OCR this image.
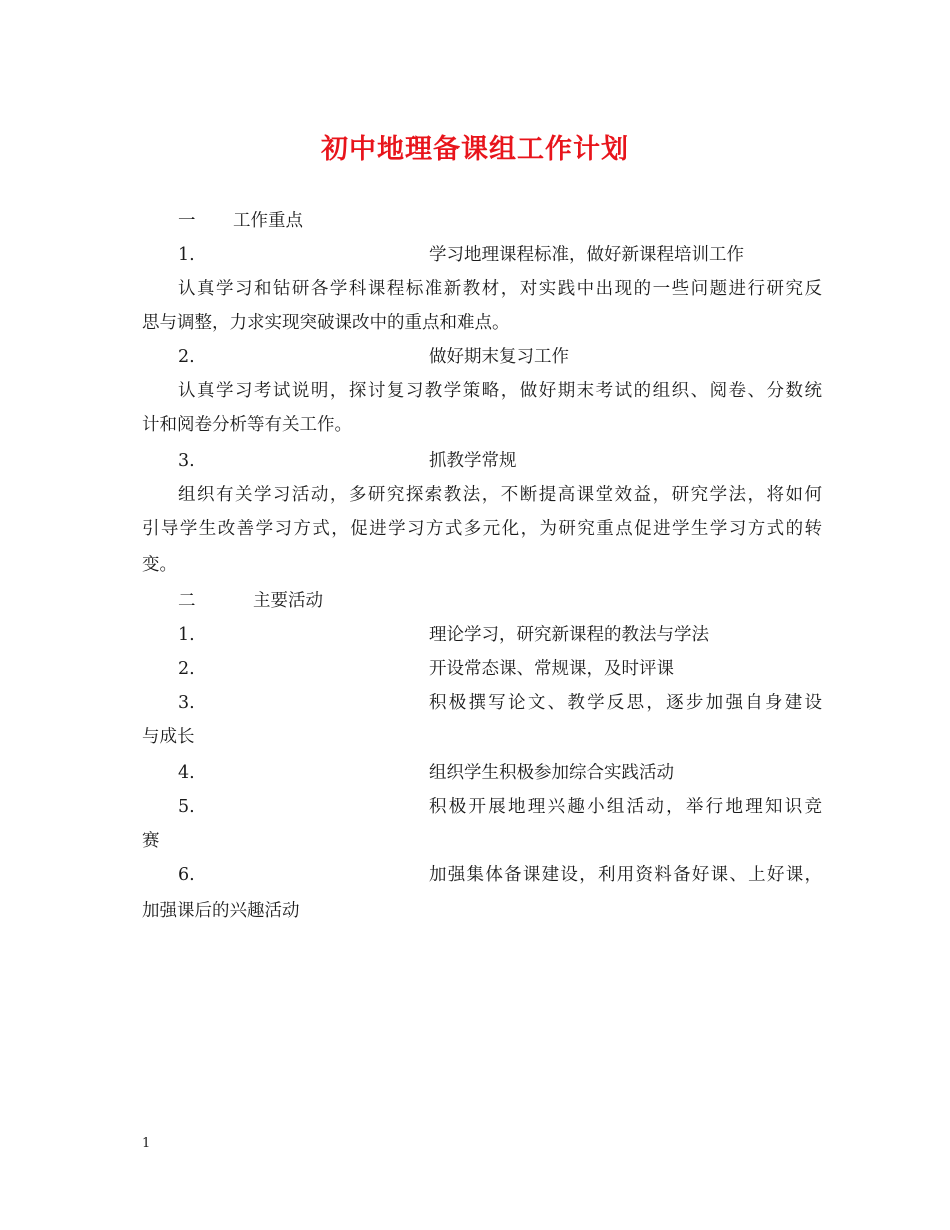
初中地理备课组工作计划
一 工作重点
1.	学习地理课程标准，做好新课程培训工作
认真学习和钻研各学科课程标准新教材，对实践中出现的一些问题进行研究反
思与调整，力求实现突破课改中的重点和难点。
2.	做好期末复习工作
认真学习考试说明，探讨复习教学策略，做好期末考试的组织、阅卷、分数统
计和阅卷分析等有关工作。
3.	抓教学常规
组织有关学习活动，多研究探索教法，不断提高课堂效益，研究学法，将如何
引导学生改善学习方式，促进学习方式多元化，为研究重点促进学生学习方式的转
变。
二	主要活动
1.	理论学习，研究新课程的教法与学法
2.	开设常态课、常规课，及时评课
3.	积极撰写论文、教学反思，逐步加强自身建设
与成长
4.	组织学生积极参加综合实践活动
5.	积极开展地理兴趣小组活动，举行地理知识竞
赛
6.	加强集体备课建设，利用资料备好课、上好课，
加强课后的兴趣活动
1
